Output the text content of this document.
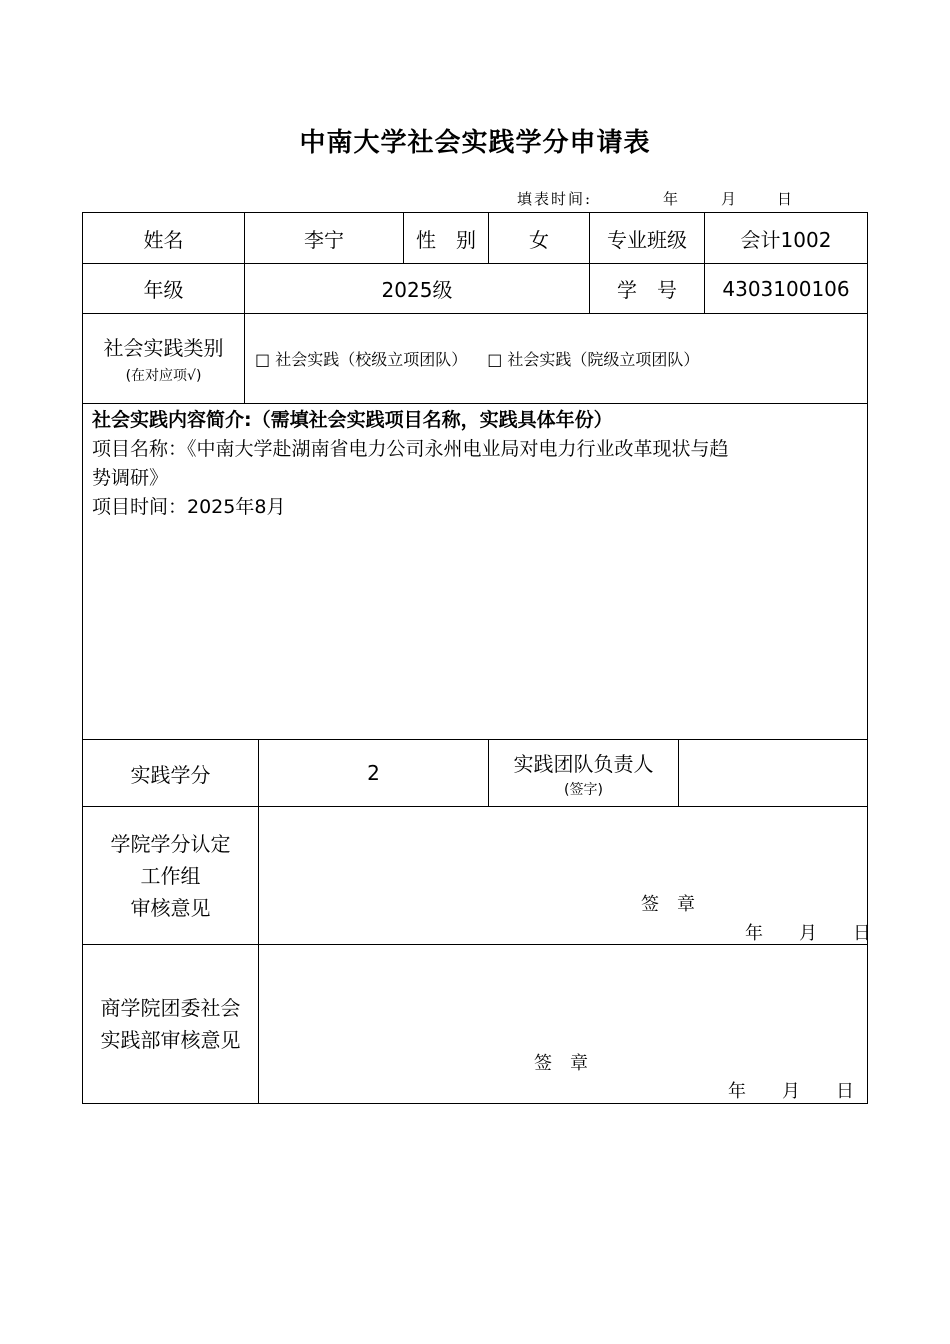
中南大学社会实践学分申请表
填表时间:	年	月	日
姓名	李宁	性　别	女	专业班级	会计1002
年级	2025级	学　号	4303100106
社会实践类别
(在对应项√)
□ 社会实践（校级立项团队） □ 社会实践（院级立项团队）
社会实践内容简介:（需填社会实践项目名称，实践具体年份）
项目名称：《中南大学赴湖南省电力公司永州电业局对电力行业改革现状与趋
势调研》
项目时间：2025年8月
实践学分	2	实践团队负责人
(签字)
学院学分认定
工作组
审核意见	签　章
年　　月　　日
商学院团委社会
实践部审核意见
签　章
年　　月　　日
